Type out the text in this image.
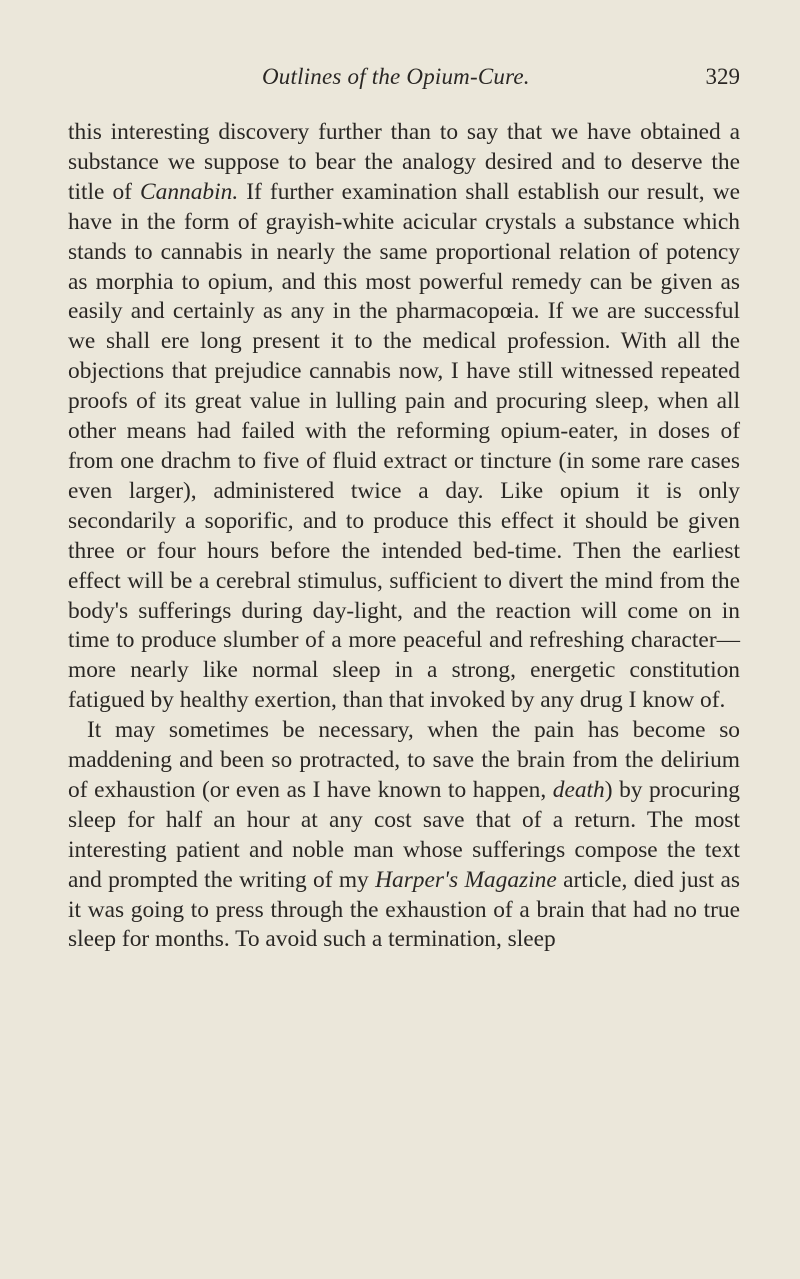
Outlines of the Opium-Cure.	329

this interesting discovery further than to say that we have obtained a substance we suppose to bear the analogy desired and to deserve the title of Cannabin. If further examination shall establish our result, we have in the form of grayish-white acicular crystals a substance which stands to cannabis in nearly the same proportional relation of potency as morphia to opium, and this most powerful remedy can be given as easily and certainly as any in the pharmacopœia. If we are successful we shall ere long present it to the medical profession. With all the objections that prejudice cannabis now, I have still witnessed repeated proofs of its great value in lulling pain and procuring sleep, when all other means had failed with the reforming opium-eater, in doses of from one drachm to five of fluid extract or tincture (in some rare cases even larger), administered twice a day. Like opium it is only secondarily a soporific, and to produce this effect it should be given three or four hours before the intended bed-time. Then the earliest effect will be a cerebral stimulus, sufficient to divert the mind from the body's sufferings during day-light, and the reaction will come on in time to produce slumber of a more peaceful and refreshing character—more nearly like normal sleep in a strong, energetic constitution fatigued by healthy exertion, than that invoked by any drug I know of.

It may sometimes be necessary, when the pain has become so maddening and been so protracted, to save the brain from the delirium of exhaustion (or even as I have known to happen, death) by procuring sleep for half an hour at any cost save that of a return. The most interesting patient and noble man whose sufferings compose the text and prompted the writing of my Harper's Magazine article, died just as it was going to press through the exhaustion of a brain that had no true sleep for months. To avoid such a termination, sleep
